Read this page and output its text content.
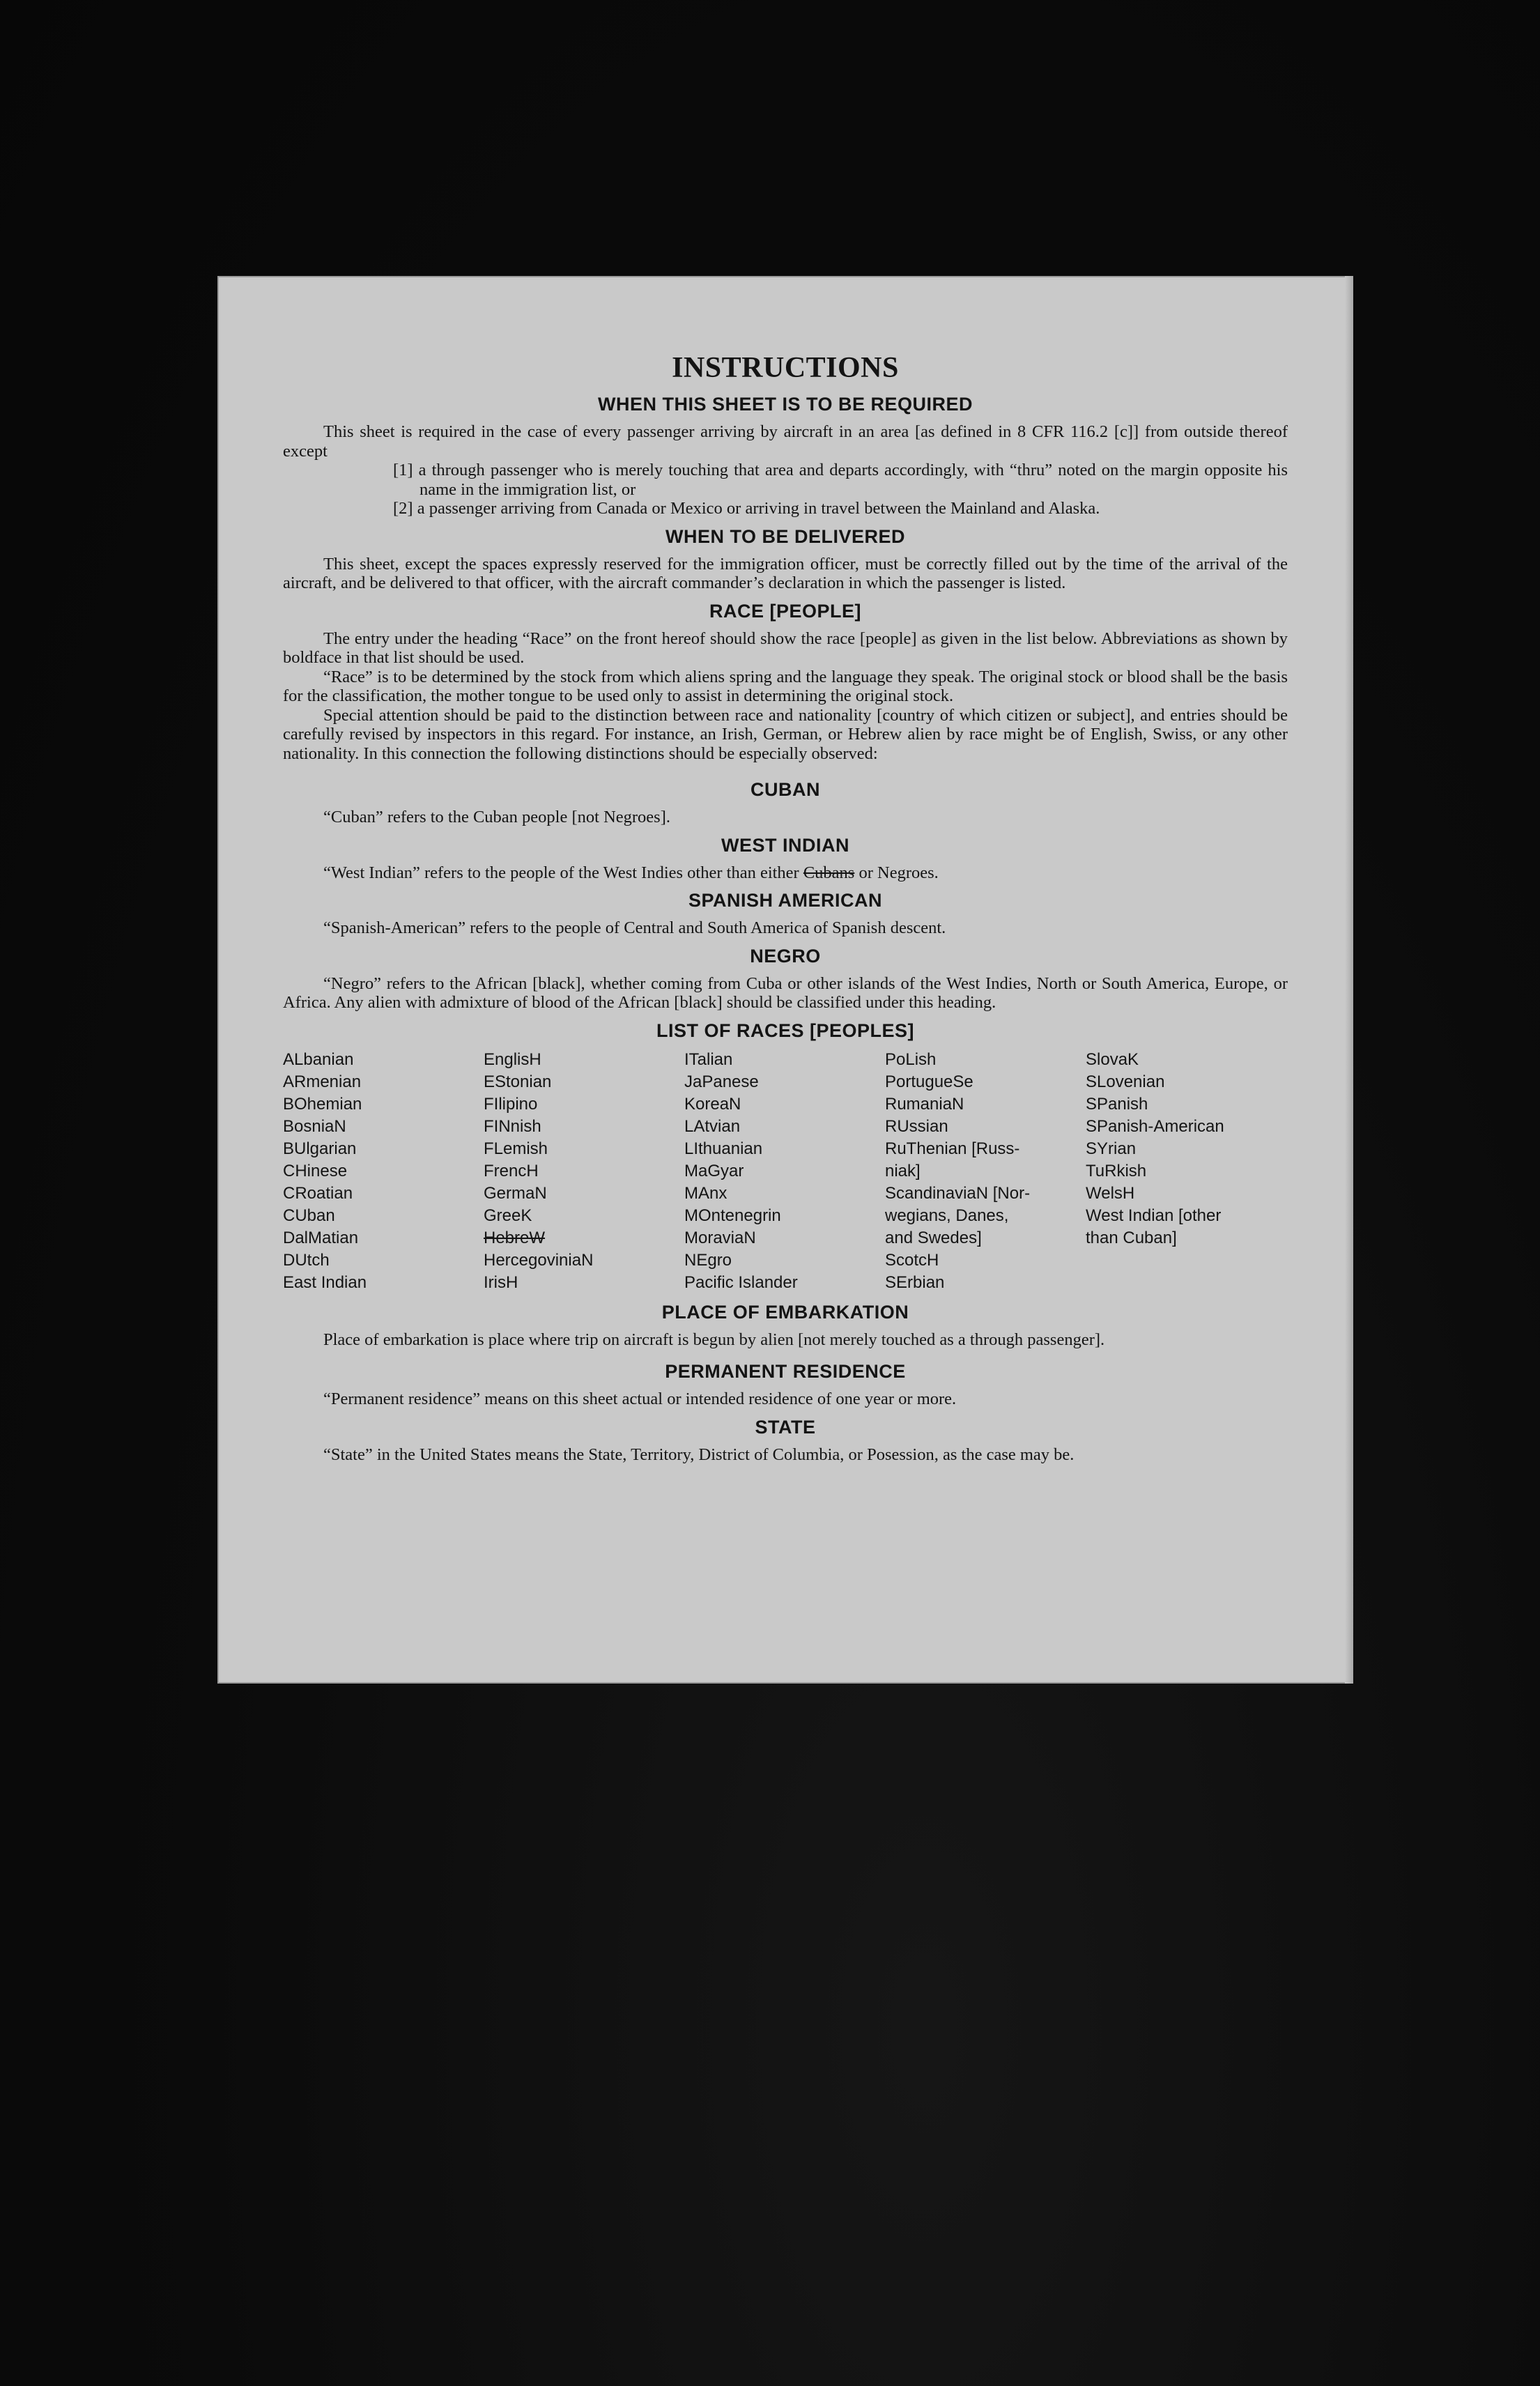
INSTRUCTIONS
WHEN THIS SHEET IS TO BE REQUIRED

This sheet is required in the case of every passenger arriving by aircraft in an area [as defined in 8 CFR 116.2 [c]] from outside thereof except

[1] a through passenger who is merely touching that area and departs accordingly, with “thru” noted on the margin opposite his name in the immigration list, or

[2] a passenger arriving from Canada or Mexico or arriving in travel between the Mainland and Alaska.

WHEN TO BE DELIVERED

This sheet, except the spaces expressly reserved for the immigration officer, must be correctly filled out by the time of the arrival of the aircraft, and be delivered to that officer, with the aircraft commander’s declaration in which the passenger is listed.

RACE [PEOPLE]

The entry under the heading “Race” on the front hereof should show the race [people] as given in the list below. Abbreviations as shown by boldface in that list should be used.

“Race” is to be determined by the stock from which aliens spring and the language they speak. The original stock or blood shall be the basis for the classification, the mother tongue to be used only to assist in determining the original stock.

Special attention should be paid to the distinction between race and nationality [country of which citizen or subject], and entries should be carefully revised by inspectors in this regard. For instance, an Irish, German, or Hebrew alien by race might be of English, Swiss, or any other nationality. In this connection the following distinctions should be especially observed:

CUBAN

“Cuban” refers to the Cuban people [not Negroes].

WEST INDIAN

“West Indian” refers to the people of the West Indies other than either Cubans or Negroes.

SPANISH AMERICAN

“Spanish-American” refers to the people of Central and South America of Spanish descent.

NEGRO

“Negro” refers to the African [black], whether coming from Cuba or other islands of the West Indies, North or South America, Europe, or Africa. Any alien with admixture of blood of the African [black] should be classified under this heading.

LIST OF RACES [PEOPLES]
ALbanian
ARmenian
BOhemian
BosniaN
BUlgarian
CHinese
CRoatian
CUban
DalMatian
DUtch
East Indian
EnglisH
EStonian
FIlipino
FINnish
FLemish
FrencH
GermaN
GreeK
HebreW
HercegoviniaN
IrisH
ITalian
JaPanese
KoreaN
LAtvian
LIthuanian
MaGyar
MAnx
MOntenegrin
MoraviaN
NEgro
Pacific Islander
PoLish
PortugueSe
RumaniaN
RUssian
RuThenian [Russ-
niak]
ScandinaviaN [Nor-
wegians, Danes,
and Swedes]
ScotcH
SErbian
SlovaK
SLovenian
SPanish
SPanish-American
SYrian
TuRkish
WelsH
West Indian [other
than Cuban]
PLACE OF EMBARKATION

Place of embarkation is place where trip on aircraft is begun by alien [not merely touched as a through passenger].

PERMANENT RESIDENCE

“Permanent residence” means on this sheet actual or intended residence of one year or more.

STATE

“State” in the United States means the State, Territory, District of Columbia, or Posession, as the case may be.
